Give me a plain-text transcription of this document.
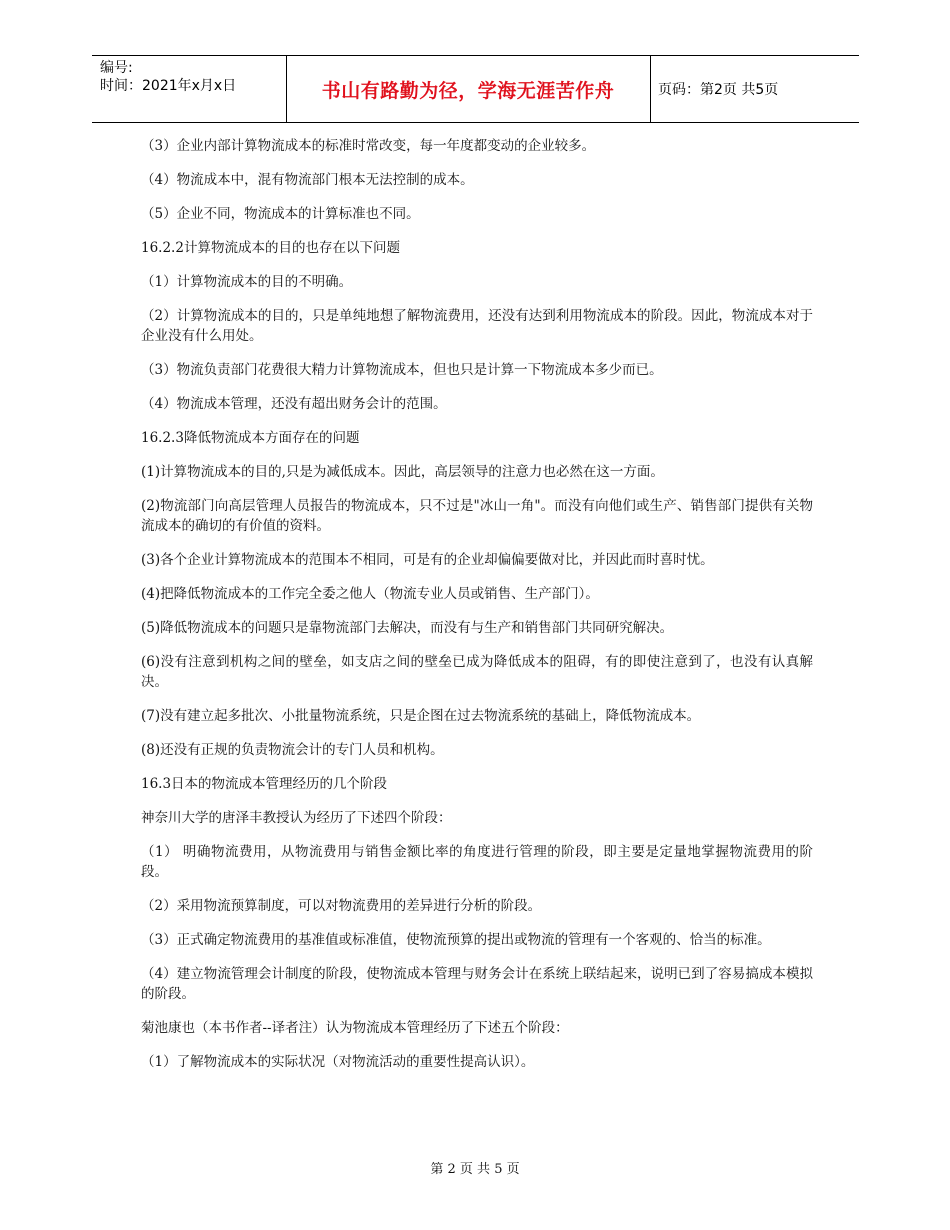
编号:
时间：2021年x月x日	书山有路勤为径，学海无涯苦作舟	页码：第2页 共5页

（3）企业内部计算物流成本的标准时常改变，每一年度都变动的企业较多。

（4）物流成本中，混有物流部门根本无法控制的成本。

（5）企业不同，物流成本的计算标准也不同。

16.2.2计算物流成本的目的也存在以下问题

（1）计算物流成本的目的不明确。

（2）计算物流成本的目的，只是单纯地想了解物流费用，还没有达到利用物流成本的阶段。因此，物流成本对于企业没有什么用处。

（3）物流负责部门花费很大精力计算物流成本，但也只是计算一下物流成本多少而已。

（4）物流成本管理，还没有超出财务会计的范围。

16.2.3降低物流成本方面存在的问题

(1)计算物流成本的目的,只是为减低成本。因此，高层领导的注意力也必然在这一方面。

(2)物流部门向高层管理人员报告的物流成本，只不过是"冰山一角"。而没有向他们或生产、销售部门提供有关物流成本的确切的有价值的资料。

(3)各个企业计算物流成本的范围本不相同，可是有的企业却偏偏要做对比，并因此而时喜时忧。

(4)把降低物流成本的工作完全委之他人（物流专业人员或销售、生产部门）。

(5)降低物流成本的问题只是靠物流部门去解决，而没有与生产和销售部门共同研究解决。

(6)没有注意到机构之间的壁垒，如支店之间的壁垒已成为降低成本的阻碍，有的即使注意到了，也没有认真解决。

(7)没有建立起多批次、小批量物流系统，只是企图在过去物流系统的基础上，降低物流成本。

(8)还没有正规的负责物流会计的专门人员和机构。

16.3日本的物流成本管理经历的几个阶段

神奈川大学的唐泽丰教授认为经历了下述四个阶段：

（1） 明确物流费用，从物流费用与销售金额比率的角度进行管理的阶段，即主要是定量地掌握物流费用的阶段。

（2）采用物流预算制度，可以对物流费用的差异进行分析的阶段。

（3）正式确定物流费用的基准值或标准值，使物流预算的提出或物流的管理有一个客观的、恰当的标准。

（4）建立物流管理会计制度的阶段，使物流成本管理与财务会计在系统上联结起来，说明已到了容易搞成本模拟的阶段。

菊池康也（本书作者--译者注）认为物流成本管理经历了下述五个阶段：

（1）了解物流成本的实际状况（对物流活动的重要性提高认识）。

第 2 页 共 5 页
